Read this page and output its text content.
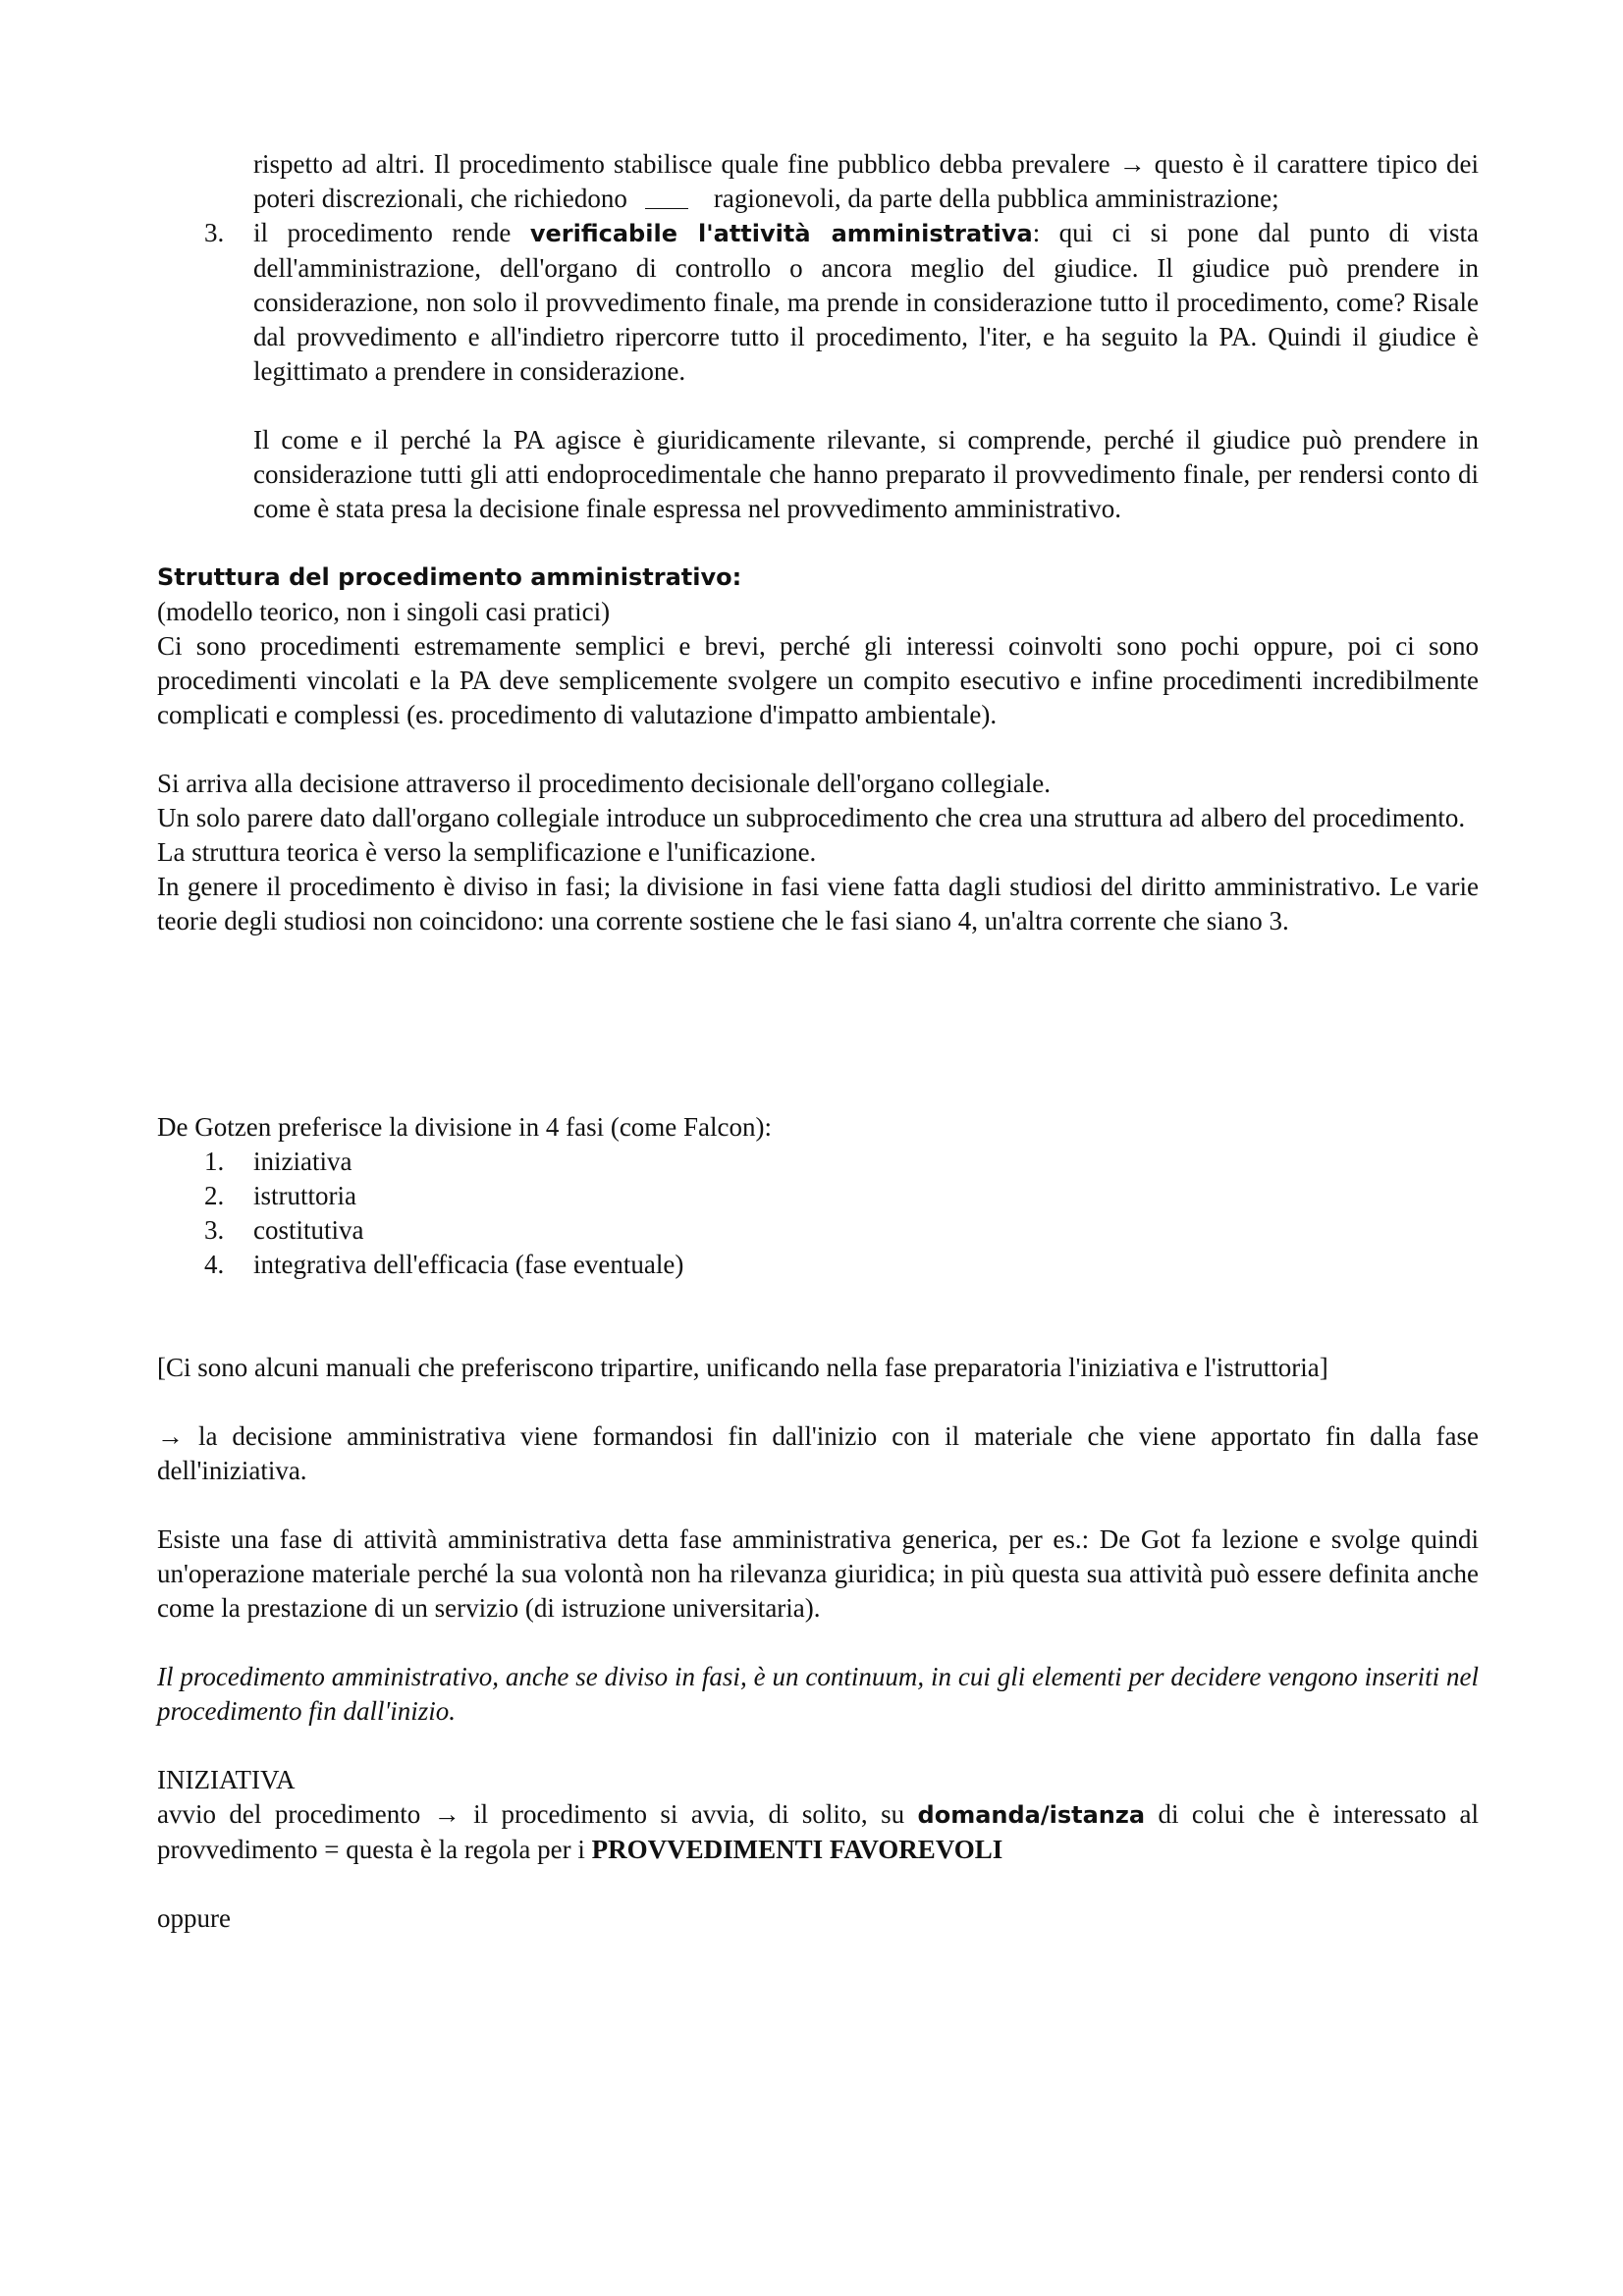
rispetto ad altri. Il procedimento stabilisce quale fine pubblico debba prevalere → questo è il carattere tipico dei poteri discrezionali, che richiedono	ragionevoli, da parte della pubblica amministrazione;

3. il procedimento rende verificabile l'attività amministrativa: qui ci si pone dal punto di vista dell'amministrazione, dell'organo di controllo o ancora meglio del giudice. Il giudice può prendere in considerazione, non solo il provvedimento finale, ma prende in considerazione tutto il procedimento, come? Risale dal provvedimento e all'indietro ripercorre tutto il procedimento, l'iter, e ha seguito la PA. Quindi il giudice è legittimato a prendere in considerazione.

Il come e il perché la PA agisce è giuridicamente rilevante, si comprende, perché il giudice può prendere in considerazione tutti gli atti endoprocedimentale che hanno preparato il provvedimento finale, per rendersi conto di come è stata presa la decisione finale espressa nel provvedimento amministrativo.

Struttura del procedimento amministrativo:

(modello teorico, non i singoli casi pratici)

Ci sono procedimenti estremamente semplici e brevi, perché gli interessi coinvolti sono pochi oppure, poi ci sono procedimenti vincolati e la PA deve semplicemente svolgere un compito esecutivo e infine procedimenti incredibilmente complicati e complessi (es. procedimento di valutazione d'impatto ambientale).

Si arriva alla decisione attraverso il procedimento decisionale dell'organo collegiale.

Un solo parere dato dall'organo collegiale introduce un subprocedimento che crea una struttura ad albero del procedimento.

La struttura teorica è verso la semplificazione e l'unificazione.

In genere il procedimento è diviso in fasi; la divisione in fasi viene fatta dagli studiosi del diritto amministrativo. Le varie teorie degli studiosi non coincidono: una corrente sostiene che le fasi siano 4, un'altra corrente che siano 3.

De Gotzen preferisce la divisione in 4 fasi (come Falcon):

1. iniziativa
2. istruttoria
3. costitutiva
4. integrativa dell'efficacia (fase eventuale)

[Ci sono alcuni manuali che preferiscono tripartire, unificando nella fase preparatoria l'iniziativa e l'istruttoria]

→ la decisione amministrativa viene formandosi fin dall'inizio con il materiale che viene apportato fin dalla fase dell'iniziativa.

Esiste una fase di attività amministrativa detta fase amministrativa generica, per es.: De Got fa lezione e svolge quindi un'operazione materiale perché la sua volontà non ha rilevanza giuridica; in più questa sua attività può essere definita anche come la prestazione di un servizio (di istruzione universitaria).

Il procedimento amministrativo, anche se diviso in fasi, è un continuum, in cui gli elementi per decidere vengono inseriti nel procedimento fin dall'inizio.

INIZIATIVA

avvio del procedimento → il procedimento si avvia, di solito, su domanda/istanza di colui che è interessato al provvedimento = questa è la regola per i PROVVEDIMENTI FAVOREVOLI

oppure
